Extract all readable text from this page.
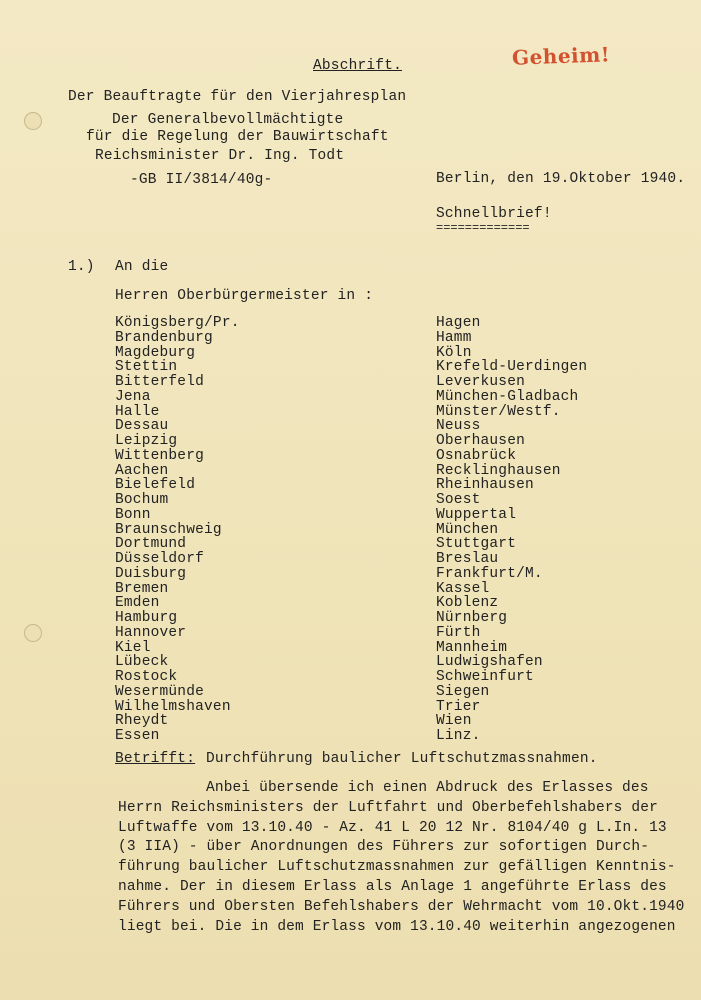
Abschrift.	Geheim!
Der Beauftragte für den Vierjahresplan
Der Generalbevollmächtigte
für die Regelung der Bauwirtschaft
Reichsminister Dr. Ing. Todt
-GB II/3814/40g-	Berlin, den 19.Oktober 1940.
Schnellbrief!
=============
1.) An die
Herren Oberbürgermeister in :
Königsberg/Pr.
Brandenburg
Magdeburg
Stettin
Bitterfeld
Jena
Halle
Dessau
Leipzig
Wittenberg
Aachen
Bielefeld
Bochum
Bonn
Braunschweig
Dortmund
Düsseldorf
Duisburg
Bremen
Emden
Hamburg
Hannover
Kiel
Lübeck
Rostock
Wesermünde
Wilhelmshaven
Rheydt
Essen
Hagen
Hamm
Köln
Krefeld-Uerdingen
Leverkusen
München-Gladbach
Münster/Westf.
Neuss
Oberhausen
Osnabrück
Recklinghausen
Rheinhausen
Soest
Wuppertal
München
Stuttgart
Breslau
Frankfurt/M.
Kassel
Koblenz
Nürnberg
Fürth
Mannheim
Ludwigshafen
Schweinfurt
Siegen
Trier
Wien
Linz.
Betrifft: Durchführung baulicher Luftschutzmassnahmen.
Anbei übersende ich einen Abdruck des Erlasses des
Herrn Reichsministers der Luftfahrt und Oberbefehlshabers der
Luftwaffe vom 13.10.40 - Az. 41 L 20 12 Nr. 8104/40 g L.In. 13
(3 IIA) - über Anordnungen des Führers zur sofortigen Durch-
führung baulicher Luftschutzmassnahmen zur gefälligen Kenntnis-
nahme. Der in diesem Erlass als Anlage 1 angeführte Erlass des
Führers und Obersten Befehlshabers der Wehrmacht vom 10.Okt.1940
liegt bei. Die in dem Erlass vom 13.10.40 weiterhin angezogenen
